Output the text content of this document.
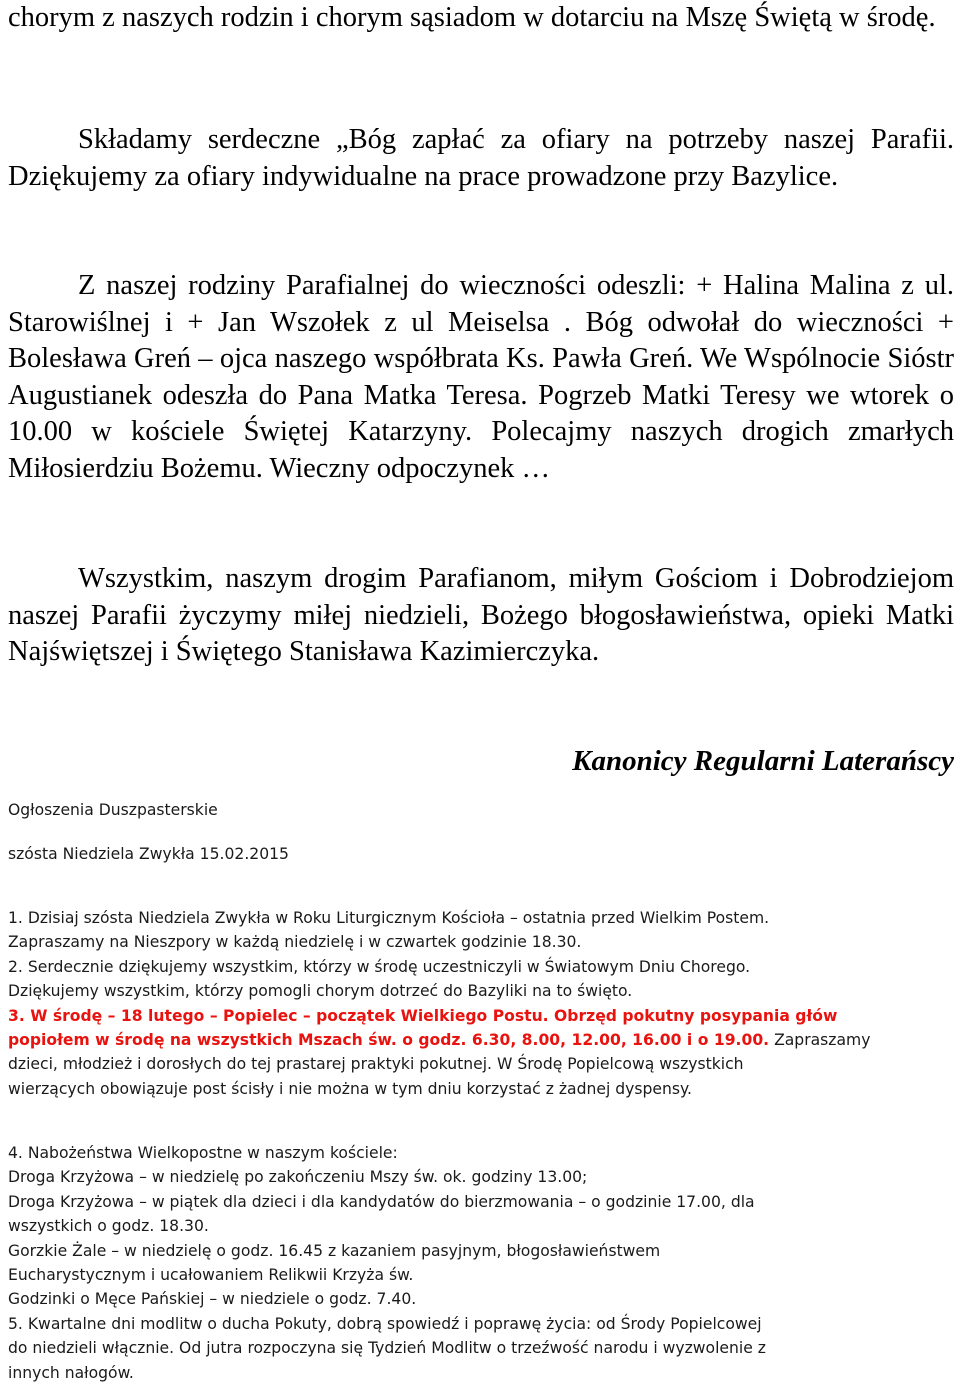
chorym z naszych rodzin i chorym sąsiadom w dotarciu na Mszę Świętą w środę.

Składamy serdeczne „Bóg zapłać za ofiary na potrzeby naszej Parafii. Dziękujemy za ofiary indywidualne na prace prowadzone przy Bazylice.

Z naszej rodziny Parafialnej do wieczności odeszli: + Halina Malina z ul. Starowiślnej i + Jan Wszołek z ul Meiselsa . Bóg odwołał do wieczności + Bolesława Greń – ojca naszego współbrata Ks. Pawła Greń. We Wspólnocie Sióstr Augustianek odeszła do Pana Matka Teresa. Pogrzeb Matki Teresy we wtorek o 10.00 w kościele Świętej Katarzyny. Polecajmy naszych drogich zmarłych Miłosierdziu Bożemu. Wieczny odpoczynek …

Wszystkim, naszym drogim Parafianom, miłym Gościom i Dobrodziejom naszej Parafii życzymy miłej niedzieli, Bożego błogosławieństwa, opieki Matki Najświętszej i Świętego Stanisława Kazimierczyka.

Kanonicy Regularni Laterańscy
Ogłoszenia Duszpasterskie
szósta Niedziela Zwykła 15.02.2015
1. Dzisiaj szósta Niedziela Zwykła w Roku Liturgicznym Kościoła – ostatnia przed Wielkim Postem.
Zapraszamy na Nieszpory w każdą niedzielę i w czwartek godzinie 18.30.
2. Serdecznie dziękujemy wszystkim, którzy w środę uczestniczyli w Światowym Dniu Chorego.
Dziękujemy wszystkim, którzy pomogli chorym dotrzeć do Bazyliki na to święto.
3. W środę – 18 lutego – Popielec – początek Wielkiego Postu. Obrzęd pokutny posypania głów
popiołem w środę na wszystkich Mszach św. o godz. 6.30, 8.00, 12.00, 16.00 i o 19.00. Zapraszamy
dzieci, młodzież i dorosłych do tej prastarej praktyki pokutnej. W Środę Popielcową wszystkich
wierzących obowiązuje post ścisły i nie można w tym dniu korzystać z żadnej dyspensy.
4. Nabożeństwa Wielkopostne w naszym kościele:
Droga Krzyżowa – w niedzielę po zakończeniu Mszy św. ok. godziny 13.00;
Droga Krzyżowa – w piątek dla dzieci i dla kandydatów do bierzmowania – o godzinie 17.00, dla
wszystkich o godz. 18.30.
Gorzkie Żale – w niedzielę o godz. 16.45 z kazaniem pasyjnym, błogosławieństwem
Eucharystycznym i ucałowaniem Relikwii Krzyża św.
Godzinki o Męce Pańskiej – w niedziele o godz. 7.40.
5. Kwartalne dni modlitw o ducha Pokuty, dobrą spowiedź i poprawę życia: od Środy Popielcowej
do niedzieli włącznie. Od jutra rozpoczyna się Tydzień Modlitw o trzeźwość narodu i wyzwolenie z
innych nałogów.
